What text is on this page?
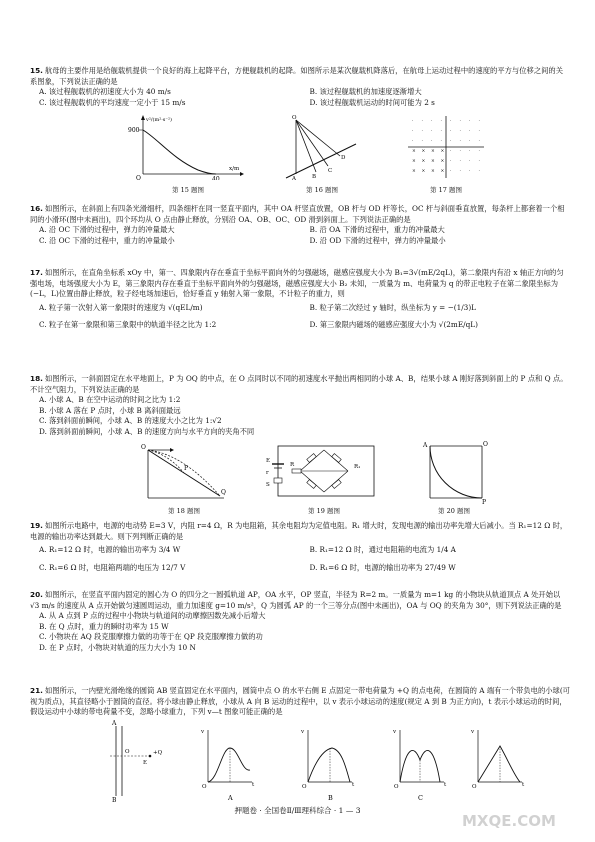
15. 航母的主要作用是给舰载机提供一个良好的海上起降平台，方便舰载机的起降。如图所示是某次舰载机降落后，在航母上运动过程中的速度的平方与位移之间的关系图象，下列说法正确的是
A. 该过程舰载机的初速度大小为 40 m/s	B. 该过程舰载机的加速度逐渐增大
C. 该过程舰载机的平均速度一定小于 15 m/s	D. 该过程舰载机运动的时间可能为 2 s
900
40
x/m
v²/(m²·s⁻²)
O
第 15 题图
O
A	B
C
D
第 16 题图
· · · · · · · ·
· · · · · · · ·
· · · · · · · ·
× × × × · · · ·
× × × × · · · ·
× × × × · · · ·
第 17 题图
16. 如图所示，在斜面上有四条光滑细杆，四条细杆在同一竖直平面内，其中 OA 杆竖直放置，OB 杆与 OD 杆等长，OC 杆与斜面垂直放置，每条杆上都套着一个相同的小滑环(图中未画出)，四个环均从 O 点由静止释放，分别沿 OA、OB、OC、OD 滑到斜面上。下列说法正确的是
A. 沿 OC 下滑的过程中，弹力的冲量最大	B. 沿 OA 下滑的过程中，重力的冲量最大
C. 沿 OC 下滑的过程中，重力的冲量最小	D. 沿 OD 下滑的过程中，弹力的冲量最小
17. 如图所示，在直角坐标系 xOy 中，第一、四象限内存在垂直于坐标平面向外的匀强磁场，磁感应强度大小为 B₁=3√(mE/2qL)，第二象限内有沿 x 轴正方向的匀强电场，电场强度大小为 E，第三象限内存在垂直于坐标平面向外的匀强磁场，磁感应强度大小 B₂ 未知，一质量为 m、电荷量为 q 的带正电粒子在第二象限坐标为(−L，L)位置由静止释放，粒子经电场加速后，恰好垂直 y 轴射入第一象限，不计粒子的重力，则
A. 粒子第一次射入第一象限时的速度为 √(qEL/m)	B. 粒子第二次经过 y 轴时，纵坐标为 y = −(1/3)L
C. 粒子在第一象限和第三象限中的轨道半径之比为 1:2	D. 第三象限内磁场的磁感应强度大小为 √(2mE/qL)
18. 如图所示，一斜面固定在水平地面上，P 为 OQ 的中点，在 O 点同时以不同的初速度水平抛出两相同的小球 A、B，结果小球 A 刚好落到斜面上的 P 点和 Q 点。不计空气阻力，下列说法正确的是
A. 小球 A、B 在空中运动的时间之比为 1:2
B. 小球 A 落在 P 点时，小球 B 离斜面最远
C. 落到斜面前瞬间，小球 A、B 的速度大小之比为 1:√2
D. 落到斜面前瞬间，小球 A、B 的速度方向与水平方向的夹角不同
O
P
Q
第 18 题图
E
r
S
R	R₁
第 19 题图
A	O
P
第 20 题图
19. 如图所示电路中，电源的电动势 E=3 V，内阻 r=4 Ω，R 为电阻箱，其余电阻均为定值电阻。R₁ 增大时，发现电源的输出功率先增大后减小。当 R₁=12 Ω 时，电源的输出功率达到最大。则下列判断正确的是
A. R₁=12 Ω 时，电源的输出功率为 3/4 W	B. R₁=12 Ω 时，通过电阻箱的电流为 1/4 A
C. R₁=6 Ω 时，电阻箱两端的电压为 12/7 V	D. R₁=6 Ω 时，电源的输出功率为 27/49 W
20. 如图所示，在竖直平面内固定的圆心为 O 的四分之一圆弧轨道 AP，OA 水平，OP 竖直，半径为 R=2 m。一质量为 m=1 kg 的小物块从轨道顶点 A 处开始以 √3 m/s 的速度从 A 点开始做匀速圆周运动，重力加速度 g=10 m/s²，Q 为圆弧 AP 的一个三等分点(图中未画出)，OA 与 OQ 的夹角为 30°，则下列说法正确的是
A. 从 A 点到 P 点的过程中小物块与轨道间的动摩擦因数先减小后增大
B. 在 Q 点时，重力的瞬时功率为 15 W
C. 小物块在 AQ 段克服摩擦力做的功等于在 QP 段克服摩擦力做的功
D. 在 P 点时，小物块对轨道的压力大小为 10 N
21. 如图所示，一内壁光滑绝缘的圆筒 AB 竖直固定在水平面内，圆筒中点 O 的水平右侧 E 点固定一带电荷量为 +Q 的点电荷，在圆筒的 A 端有一个带负电的小球(可视为质点)，其直径略小于圆筒的直径。将小球由静止释放，小球从 A 向 B 运动的过程中，以 v 表示小球运动的速度(规定 A 到 B 为正方向)，t 表示小球运动的时间，假设运动中小球的带电荷量不变，忽略小球重力，下列 v—t 图象可能正确的是
A
B
O
E
+Q
v
t
O
A
v
t
O
B
v
t
O
C
v
t
O
押题卷 · 全国卷Ⅱ/Ⅲ理科综合 · 1 — 3
MXQE.COM
